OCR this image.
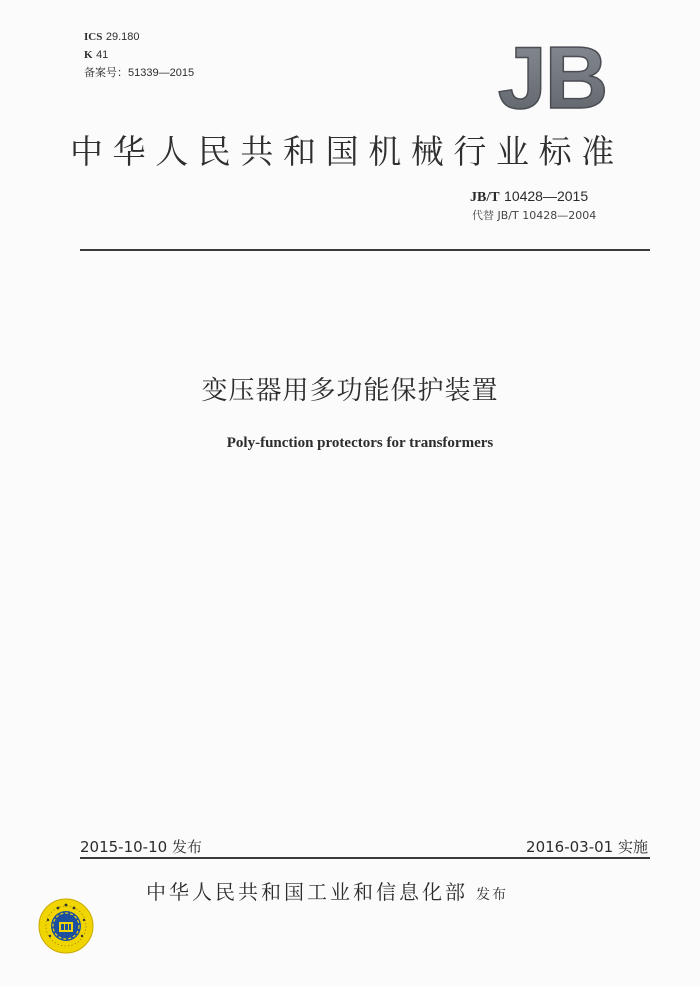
ICS 29.180
K 41
备案号：51339—2015	JB
中华人民共和国机械行业标准
JB/T 10428—2015
代替 JB/T 10428—2004
变压器用多功能保护装置
Poly-function protectors for transformers
2015-10-10 发布	2016-03-01 实施
中华人民共和国工业和信息化部 发布
